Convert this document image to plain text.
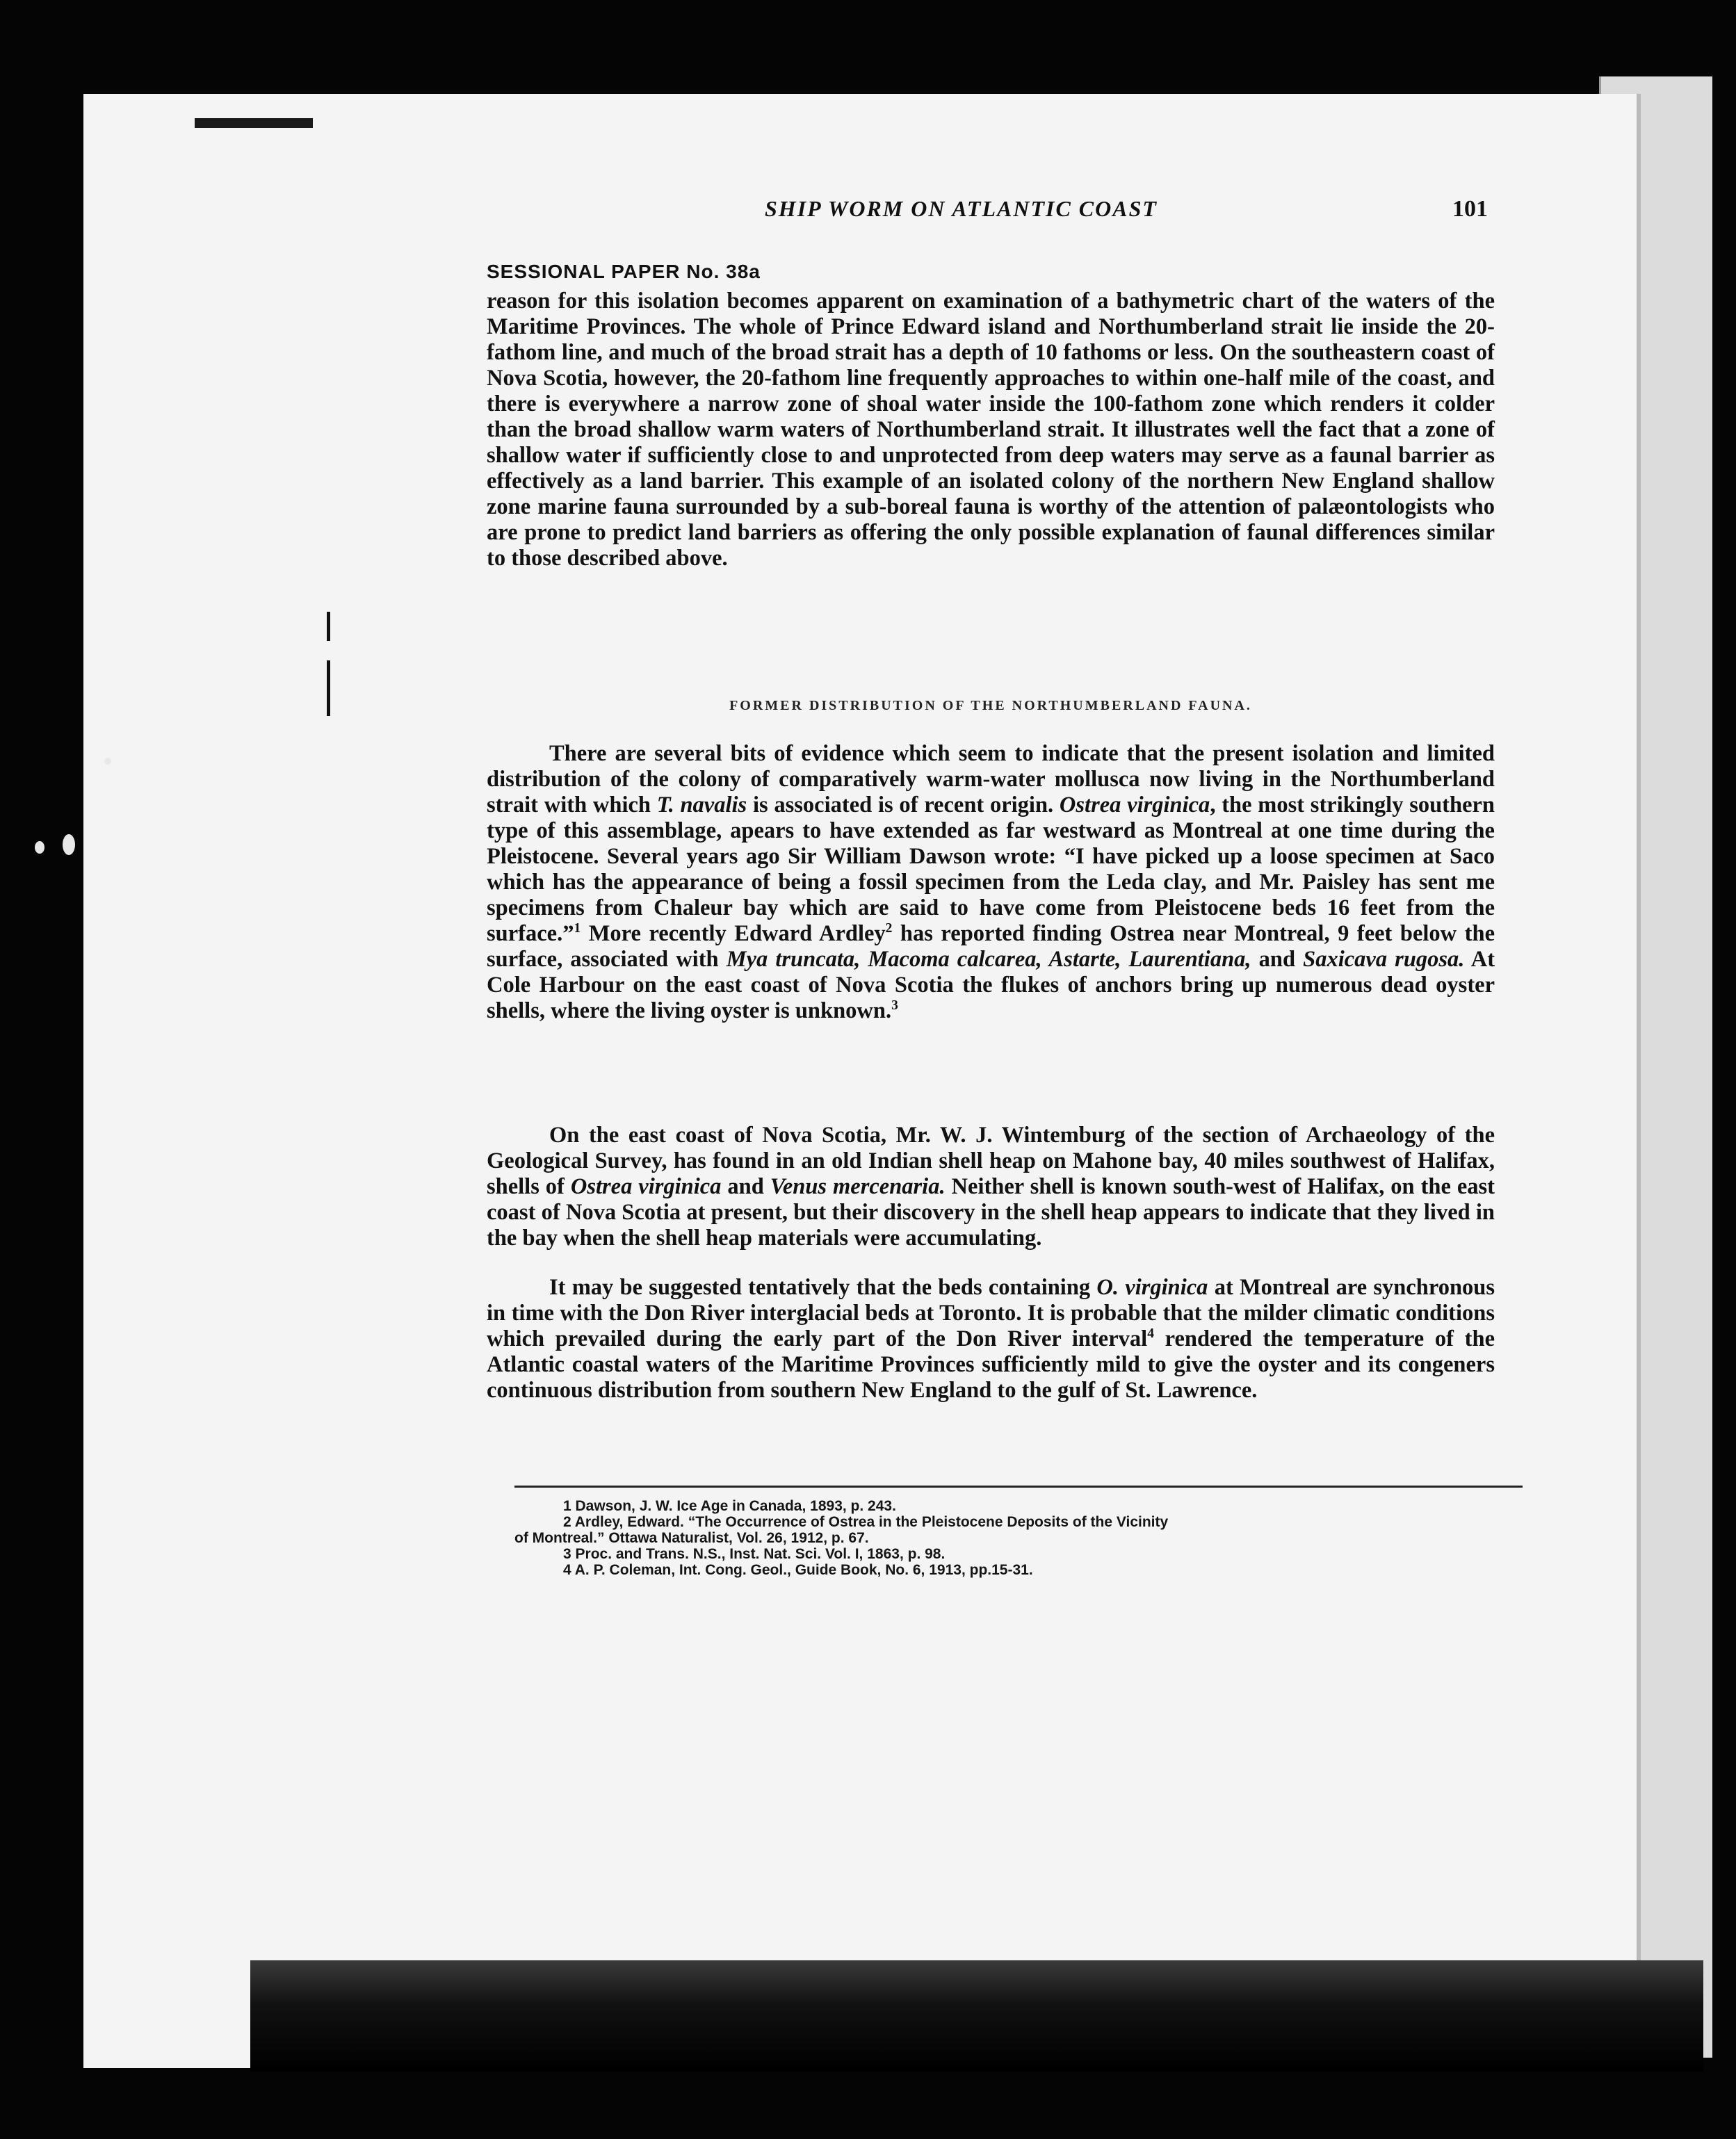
SHIP WORM ON ATLANTIC COAST	101
SESSIONAL PAPER No. 38a

reason for this isolation becomes apparent on examination of a bathymetric chart of the waters of the Maritime Provinces. The whole of Prince Edward island and Northumberland strait lie inside the 20-fathom line, and much of the broad strait has a depth of 10 fathoms or less. On the southeastern coast of Nova Scotia, however, the 20-fathom line frequently approaches to within one-half mile of the coast, and there is everywhere a narrow zone of shoal water inside the 100-fathom zone which renders it colder than the broad shallow warm waters of Northumberland strait. It illustrates well the fact that a zone of shallow water if sufficiently close to and unprotected from deep waters may serve as a faunal barrier as effectively as a land barrier. This example of an isolated colony of the northern New England shallow zone marine fauna surrounded by a sub-boreal fauna is worthy of the attention of palæontologists who are prone to predict land barriers as offering the only possible explanation of faunal differences similar to those described above.

FORMER DISTRIBUTION OF THE NORTHUMBERLAND FAUNA.

There are several bits of evidence which seem to indicate that the present isolation and limited distribution of the colony of comparatively warm-water mollusca now living in the Northumberland strait with which T. navalis is associated is of recent origin. Ostrea virginica, the most strikingly southern type of this assemblage, apears to have extended as far westward as Montreal at one time during the Pleistocene. Several years ago Sir William Dawson wrote: “I have picked up a loose specimen at Saco which has the appearance of being a fossil specimen from the Leda clay, and Mr. Paisley has sent me specimens from Chaleur bay which are said to have come from Pleistocene beds 16 feet from the surface.”$^1$ More recently Edward Ardley$^2$ has reported finding Ostrea near Montreal, 9 feet below the surface, associated with Mya truncata, Macoma calcarea, Astarte, Laurentiana, and Saxicava rugosa. At Cole Harbour on the east coast of Nova Scotia the flukes of anchors bring up numerous dead oyster shells, where the living oyster is unknown.$^3$

On the east coast of Nova Scotia, Mr. W. J. Wintemburg of the section of Archaeology of the Geological Survey, has found in an old Indian shell heap on Mahone bay, 40 miles southwest of Halifax, shells of Ostrea virginica and Venus mercenaria. Neither shell is known south-west of Halifax, on the east coast of Nova Scotia at present, but their discovery in the shell heap appears to indicate that they lived in the bay when the shell heap materials were accumulating.

It may be suggested tentatively that the beds containing O. virginica at Montreal are synchronous in time with the Don River interglacial beds at Toronto. It is probable that the milder climatic conditions which prevailed during the early part of the Don River interval$^4$ rendered the temperature of the Atlantic coastal waters of the Maritime Provinces sufficiently mild to give the oyster and its congeners continuous distribution from southern New England to the gulf of St. Lawrence.

1 Dawson, J. W. Ice Age in Canada, 1893, p. 243.
2 Ardley, Edward. “The Occurrence of Ostrea in the Pleistocene Deposits of the Vicinity
of Montreal.” Ottawa Naturalist, Vol. 26, 1912, p. 67.
3 Proc. and Trans. N.S., Inst. Nat. Sci. Vol. I, 1863, p. 98.
4 A. P. Coleman, Int. Cong. Geol., Guide Book, No. 6, 1913, pp.15-31.
